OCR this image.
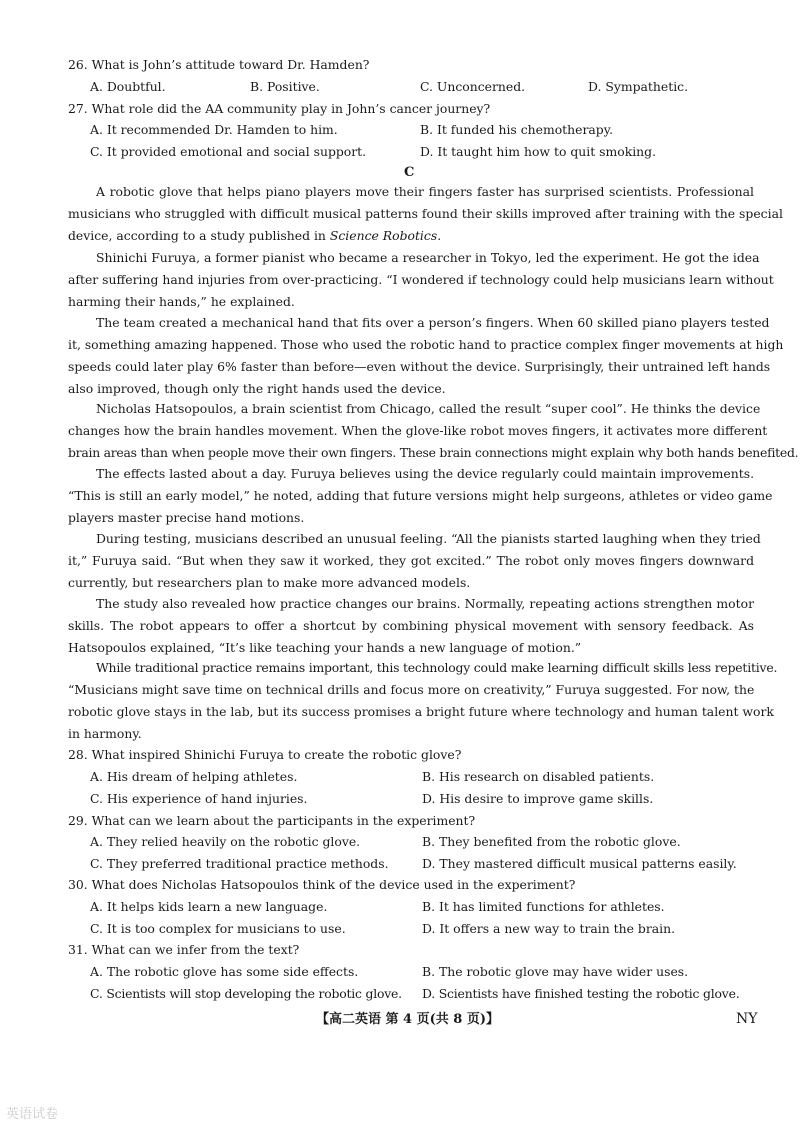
26. What is John’s attitude toward Dr. Hamden?
A. Doubtful.	B. Positive.	C. Unconcerned.	D. Sympathetic.
27. What role did the AA community play in John’s cancer journey?
A. It recommended Dr. Hamden to him.	B. It funded his chemotherapy.
C. It provided emotional and social support.	D. It taught him how to quit smoking.
C
A robotic glove that helps piano players move their fingers faster has surprised scientists. Professional
musicians who struggled with difficult musical patterns found their skills improved after training with the special
device, according to a study published in Science Robotics.
Shinichi Furuya, a former pianist who became a researcher in Tokyo, led the experiment. He got the idea
after suffering hand injuries from over-practicing. “I wondered if technology could help musicians learn without
harming their hands,” he explained.
The team created a mechanical hand that fits over a person’s fingers. When 60 skilled piano players tested
it, something amazing happened. Those who used the robotic hand to practice complex finger movements at high
speeds could later play 6% faster than before—even without the device. Surprisingly, their untrained left hands
also improved, though only the right hands used the device.
Nicholas Hatsopoulos, a brain scientist from Chicago, called the result “super cool”. He thinks the device
changes how the brain handles movement. When the glove-like robot moves fingers, it activates more different
brain areas than when people move their own fingers. These brain connections might explain why both hands benefited.
The effects lasted about a day. Furuya believes using the device regularly could maintain improvements.
“This is still an early model,” he noted, adding that future versions might help surgeons, athletes or video game
players master precise hand motions.
During testing, musicians described an unusual feeling. “All the pianists started laughing when they tried
it,” Furuya said. “But when they saw it worked, they got excited.” The robot only moves fingers downward
currently, but researchers plan to make more advanced models.
The study also revealed how practice changes our brains. Normally, repeating actions strengthen motor
skills. The robot appears to offer a shortcut by combining physical movement with sensory feedback. As
Hatsopoulos explained, “It’s like teaching your hands a new language of motion.”
While traditional practice remains important, this technology could make learning difficult skills less repetitive.
“Musicians might save time on technical drills and focus more on creativity,” Furuya suggested. For now, the
robotic glove stays in the lab, but its success promises a bright future where technology and human talent work
in harmony.
28. What inspired Shinichi Furuya to create the robotic glove?
A. His dream of helping athletes.	B. His research on disabled patients.
C. His experience of hand injuries.	D. His desire to improve game skills.
29. What can we learn about the participants in the experiment?
A. They relied heavily on the robotic glove.	B. They benefited from the robotic glove.
C. They preferred traditional practice methods.	D. They mastered difficult musical patterns easily.
30. What does Nicholas Hatsopoulos think of the device used in the experiment?
A. It helps kids learn a new language.	B. It has limited functions for athletes.
C. It is too complex for musicians to use.	D. It offers a new way to train the brain.
31. What can we infer from the text?
A. The robotic glove has some side effects.	B. The robotic glove may have wider uses.
C. Scientists will stop developing the robotic glove. D. Scientists have finished testing the robotic glove.
【高二英语 第 4 页(共 8 页)】	NY
英语试卷
